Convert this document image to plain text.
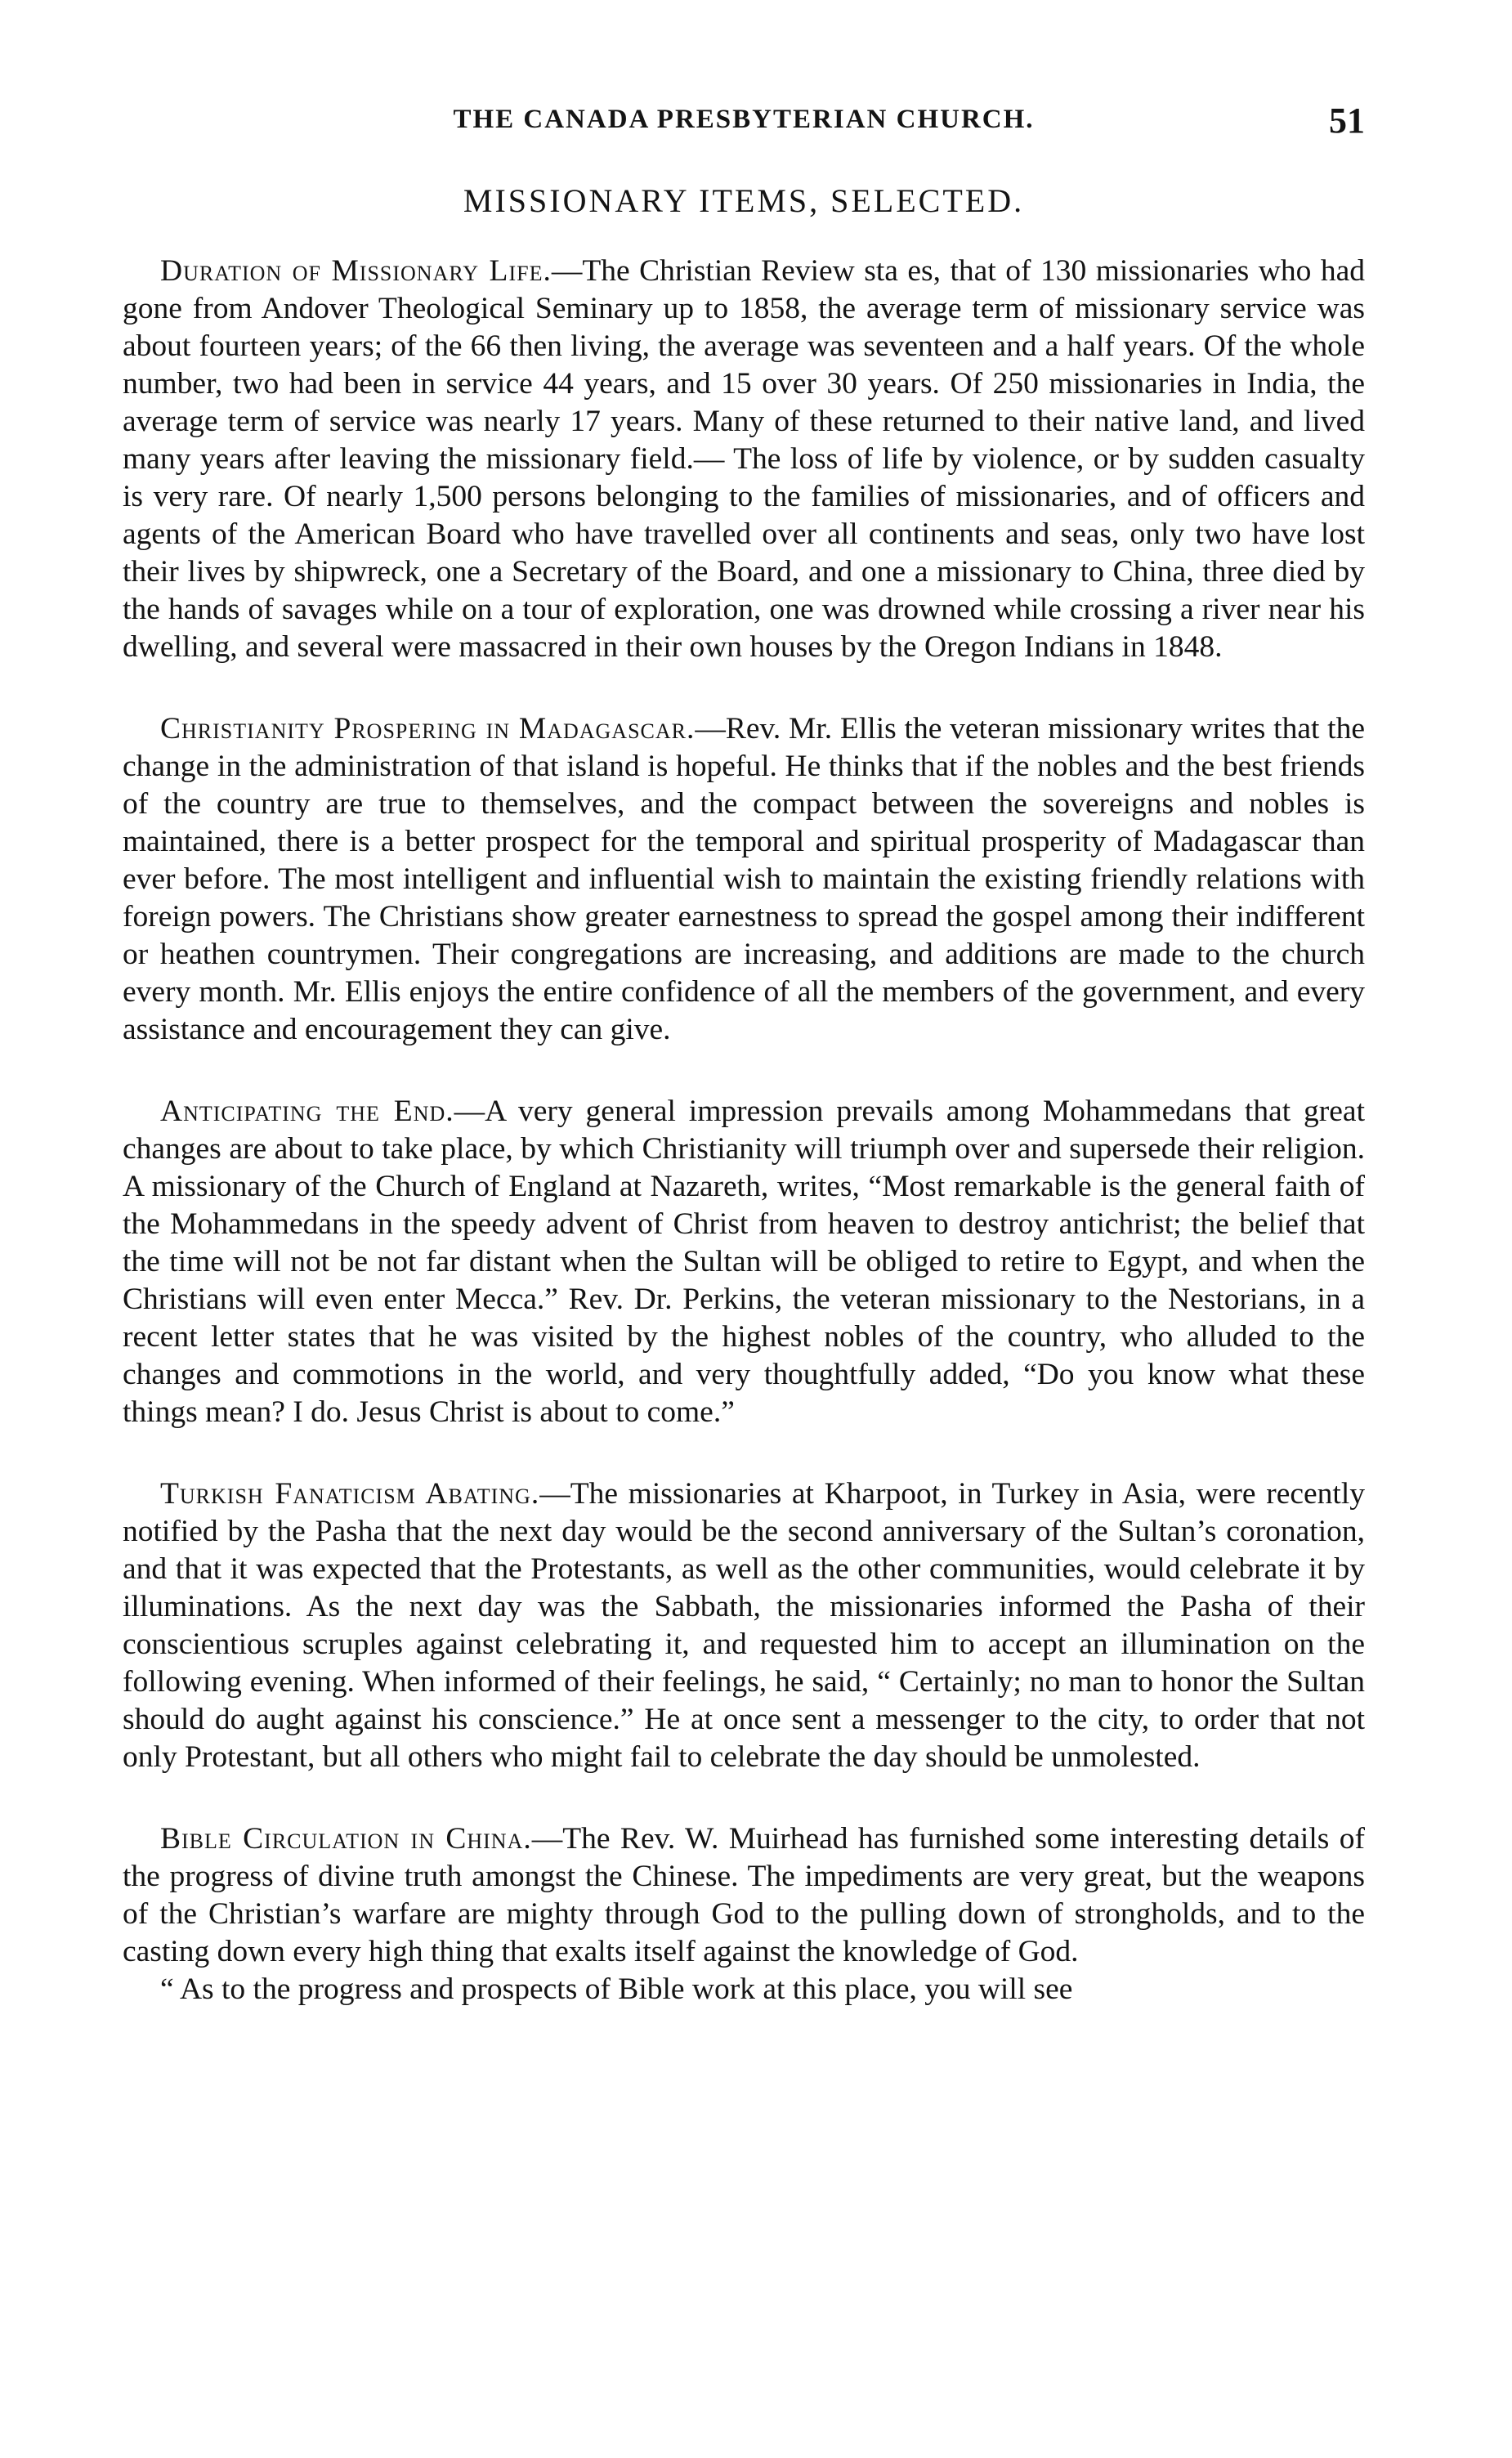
THE CANADA PRESBYTERIAN CHURCH.	51
MISSIONARY ITEMS, SELECTED.

Duration of Missionary Life.—The Christian Review sta es, that of 130 missionaries who had gone from Andover Theological Seminary up to 1858, the average term of missionary service was about fourteen years; of the 66 then living, the average was seventeen and a half years. Of the whole number, two had been in service 44 years, and 15 over 30 years. Of 250 missionaries in India, the average term of service was nearly 17 years. Many of these returned to their native land, and lived many years after leaving the missionary field.— The loss of life by violence, or by sudden casualty is very rare. Of nearly 1,500 persons belonging to the families of missionaries, and of officers and agents of the American Board who have travelled over all continents and seas, only two have lost their lives by shipwreck, one a Secretary of the Board, and one a missionary to China, three died by the hands of savages while on a tour of exploration, one was drowned while crossing a river near his dwelling, and several were massacred in their own houses by the Oregon Indians in 1848.

Christianity Prospering in Madagascar.—Rev. Mr. Ellis the veteran missionary writes that the change in the administration of that island is hopeful. He thinks that if the nobles and the best friends of the country are true to themselves, and the compact between the sovereigns and nobles is maintained, there is a better prospect for the temporal and spiritual prosperity of Madagascar than ever before. The most intelligent and influential wish to maintain the existing friendly relations with foreign powers. The Christians show greater earnestness to spread the gospel among their indifferent or heathen countrymen. Their congregations are increasing, and additions are made to the church every month. Mr. Ellis enjoys the entire confidence of all the members of the government, and every assistance and encouragement they can give.

Anticipating the End.—A very general impression prevails among Mohammedans that great changes are about to take place, by which Christianity will triumph over and supersede their religion. A missionary of the Church of England at Nazareth, writes, “Most remarkable is the general faith of the Mohammedans in the speedy advent of Christ from heaven to destroy antichrist; the belief that the time will not be not far distant when the Sultan will be obliged to retire to Egypt, and when the Christians will even enter Mecca.” Rev. Dr. Perkins, the veteran missionary to the Nestorians, in a recent letter states that he was visited by the highest nobles of the country, who alluded to the changes and commotions in the world, and very thoughtfully added, “Do you know what these things mean? I do. Jesus Christ is about to come.”

Turkish Fanaticism Abating.—The missionaries at Kharpoot, in Turkey in Asia, were recently notified by the Pasha that the next day would be the second anniversary of the Sultan’s coronation, and that it was expected that the Protestants, as well as the other communities, would celebrate it by illuminations. As the next day was the Sabbath, the missionaries informed the Pasha of their conscientious scruples against celebrating it, and requested him to accept an illumination on the following evening. When informed of their feelings, he said, “ Certainly; no man to honor the Sultan should do aught against his conscience.” He at once sent a messenger to the city, to order that not only Protestant, but all others who might fail to celebrate the day should be unmolested.

Bible Circulation in China.—The Rev. W. Muirhead has furnished some interesting details of the progress of divine truth amongst the Chinese. The impediments are very great, but the weapons of the Christian’s warfare are mighty through God to the pulling down of strongholds, and to the casting down every high thing that exalts itself against the knowledge of God.

“ As to the progress and prospects of Bible work at this place, you will see
